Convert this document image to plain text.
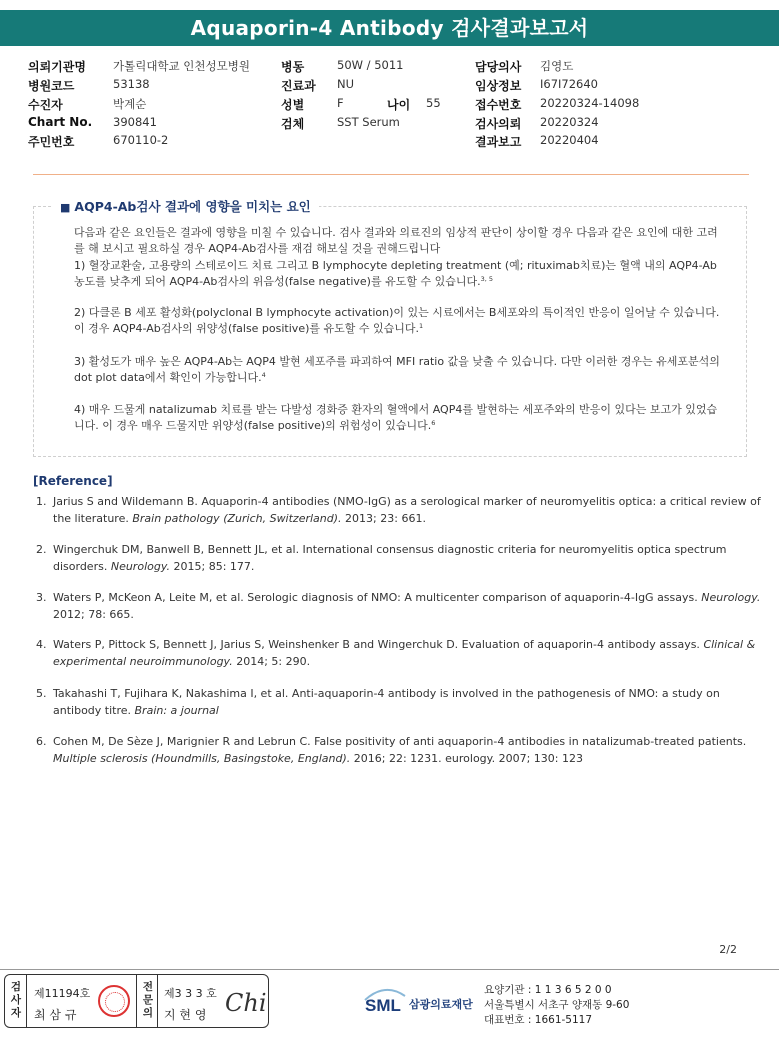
Aquaporin-4 Antibody 검사결과보고서
의뢰기관명 가톨릭대학교 인천성모병원	병동	50W / 5011	담당의사 김영도
병원코드	53138	진료과 NU	임상정보 I67I72640
수진자	박계순	성별	F	나이 55	접수번호 20220324-14098
Chart No. 390841	검체	SST Serum	검사의뢰 20220324
주민번호	670110-2	결과보고 20220404
■ AQP4-Ab검사 결과에 영향을 미치는 요인
다음과 같은 요인들은 결과에 영향을 미칠 수 있습니다. 검사 결과와 의료진의 임상적 판단이 상이할 경우 다음과 같은 요인에 대한 고려를 해 보시고 필요하실 경우 AQP4-Ab검사를 재검 해보실 것을 권해드립니다
1) 혈장교환술, 고용량의 스테로이드 치료 그리고 B lymphocyte depleting treatment (예; rituximab치료)는 혈액 내의 AQP4-Ab농도를 낮추게 되어 AQP4-Ab검사의 위음성(false negative)를 유도할 수 있습니다.$^{3, 5}$
2) 다클론 B 세포 활성화(polyclonal B lymphocyte activation)이 있는 시료에서는 B세포와의 특이적인 반응이 일어날 수 있습니다. 이 경우 AQP4-Ab검사의 위양성(false positive)를 유도할 수 있습니다.$^1$
3) 활성도가 매우 높은 AQP4-Ab는 AQP4 발현 세포주를 파괴하여 MFI ratio 값을 낮출 수 있습니다. 다만 이러한 경우는 유세포분석의 dot plot data에서 확인이 가능합니다.$^4$
4) 매우 드물게 natalizumab 치료를 받는 다발성 경화증 환자의 혈액에서 AQP4를 발현하는 세포주와의 반응이 있다는 보고가 있었습니다. 이 경우 매우 드물지만 위양성(false positive)의 위험성이 있습니다.$^6$
[Reference]
1. Jarius S and Wildemann B. Aquaporin-4 antibodies (NMO-IgG) as a serological marker of neuromyelitis optica: a critical review of the literature. Brain pathology (Zurich, Switzerland). 2013; 23: 661.
2. Wingerchuk DM, Banwell B, Bennett JL, et al. International consensus diagnostic criteria for neuromyelitis optica spectrum disorders. Neurology. 2015; 85: 177.
3. Waters P, McKeon A, Leite M, et al. Serologic diagnosis of NMO: A multicenter comparison of aquaporin-4-IgG assays. Neurology. 2012; 78: 665.
4. Waters P, Pittock S, Bennett J, Jarius S, Weinshenker B and Wingerchuk D. Evaluation of aquaporin-4 antibody assays. Clinical & experimental neuroimmunology. 2014; 5: 290.
5. Takahashi T, Fujihara K, Nakashima I, et al. Anti-aquaporin-4 antibody is involved in the pathogenesis of NMO: a study on antibody titre. Brain: a journal
6. Cohen M, De Sèze J, Marignier R and Lebrun C. False positivity of anti aquaporin-4 antibodies in natalizumab-treated patients. Multiple sclerosis (Houndmills, Basingstoke, England). 2016; 22: 1231. eurology. 2007; 130: 123
2/2
검사자
제11194호
최 삼 규
전문의
제3 3 3 호
지 현 영 Chi	SML 삼광의료재단
요양기관 : 1 1 3 6 5 2 0 0
서울특별시 서초구 양재동 9-60
대표번호 : 1661-5117
